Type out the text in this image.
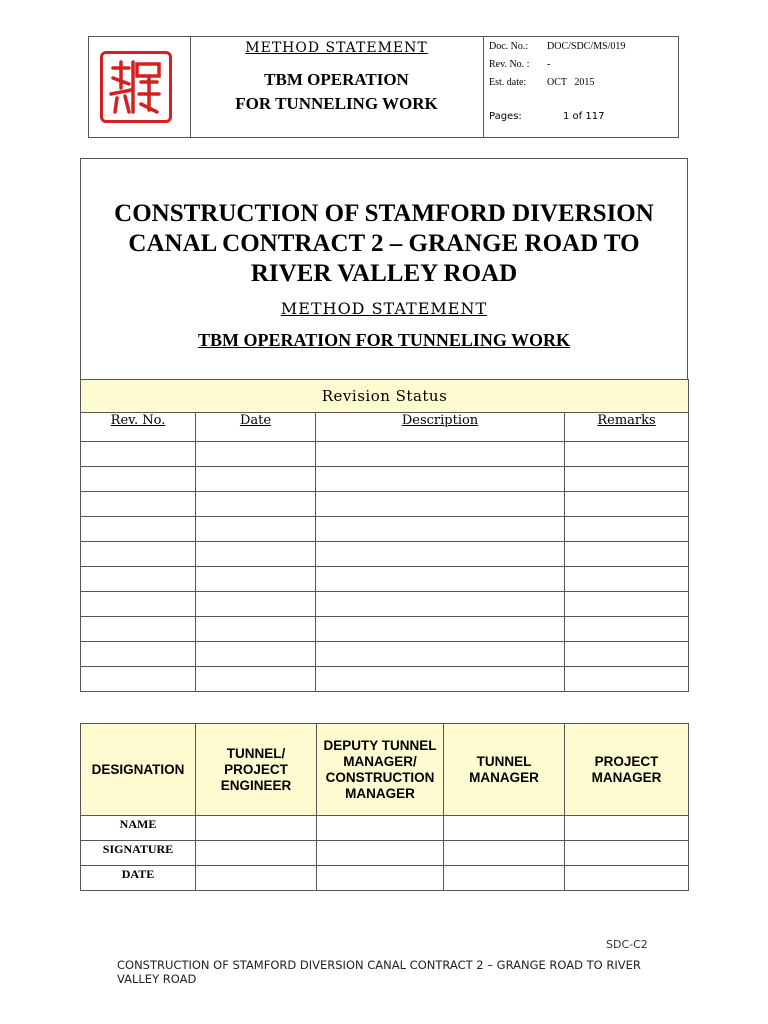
METHOD STATEMENT
TBM OPERATION
FOR TUNNELING WORK
Doc. No.:	DOC/SDC/MS/019
Rev. No. :	-
Est. date:	OCT   2015
Pages:	1 of 117
CONSTRUCTION OF STAMFORD DIVERSION
CANAL CONTRACT 2 – GRANGE ROAD TO
RIVER VALLEY ROAD
METHOD STATEMENT
TBM OPERATION FOR TUNNELING WORK
Revision Status			
Rev. No.	Date	Description	Remarks

DESIGNATION	TUNNEL/ PROJECT ENGINEER	DEPUTY TUNNEL MANAGER/ CONSTRUCTION MANAGER	TUNNEL MANAGER	PROJECT MANAGER
NAME				
SIGNATURE				
DATE				
SDC-C2
CONSTRUCTION OF STAMFORD DIVERSION CANAL CONTRACT 2 – GRANGE ROAD TO RIVER VALLEY ROAD
